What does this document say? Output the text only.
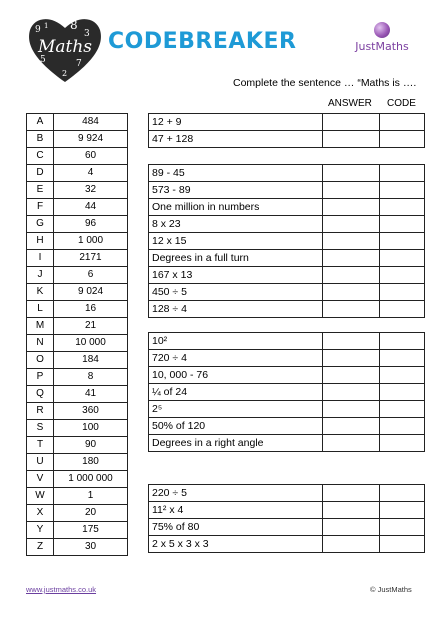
9 1 8
3
5	7
2
Maths CODEBREAKER	JustMaths
Complete the sentence … “Maths is ….
ANSWER CODE
A	484
B	9 924
C	60
D	4
E	32
F	44
G	96
H	1 000
I	2171
J	6
K	9 024
L	16
M	21
N	10 000
O	184
P	8
Q	41
R	360
S	100
T	90
U	180
V	1 000 000
W	1
X	20
Y	175
Z	30
12 + 9		
47 + 128		
89 - 45		
573 - 89		
One million in numbers		
8 x 23		
12 x 15		
Degrees in a full turn		
167 x 13		
450 ÷ 5		
128 ÷ 4		
10²		
720 ÷ 4		
10, 000 - 76		
¼ of 24		
2⁵		
50% of 120		
Degrees in a right angle		
220 ÷ 5		
11² x 4		
75% of 80		
2 x 5 x 3 x 3		
www.justmaths.co.uk	© JustMaths
